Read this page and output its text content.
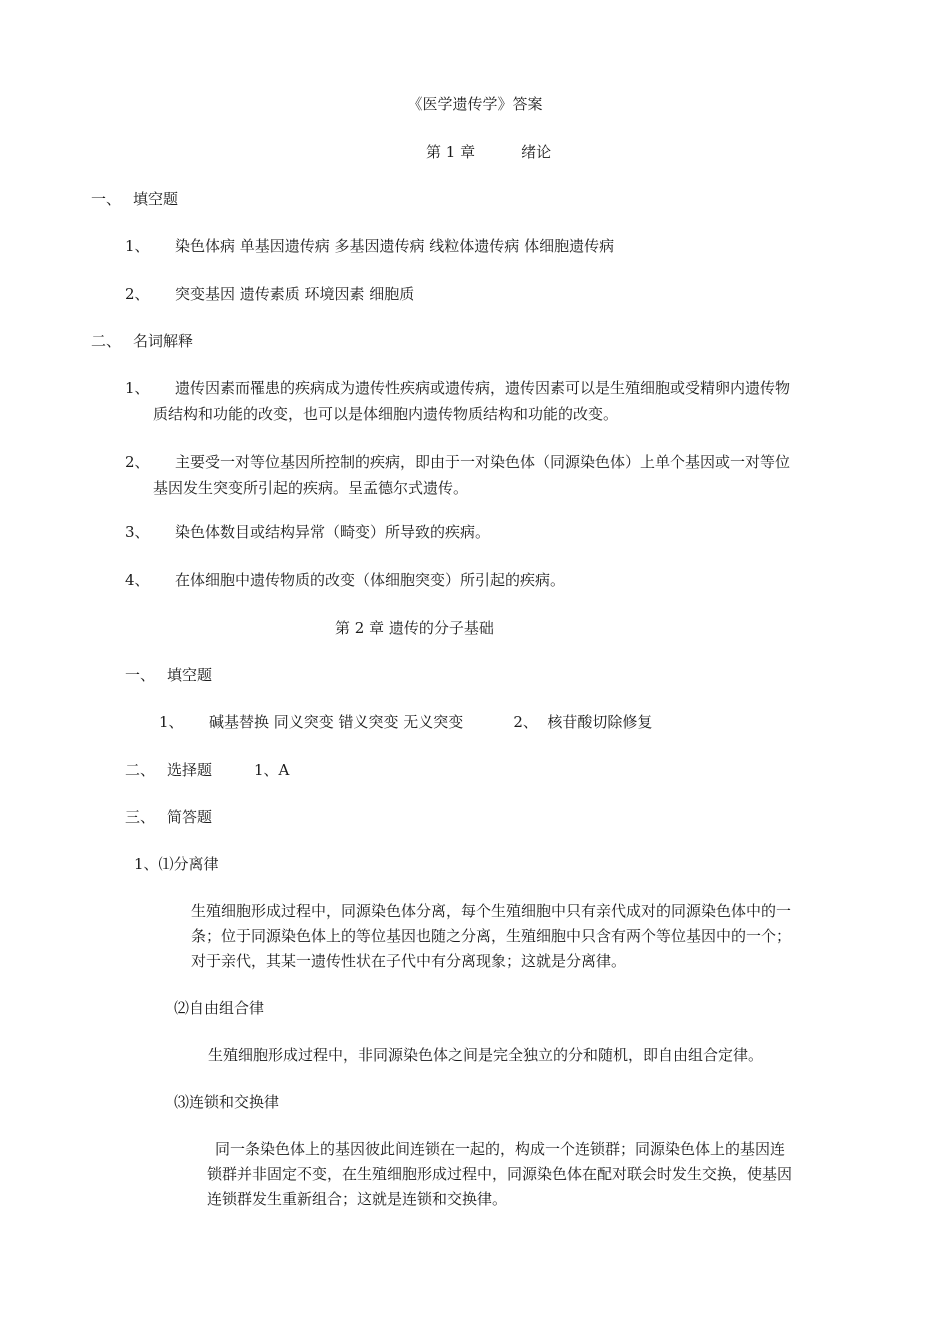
《医学遗传学》答案
第 1 章	绪论
一、 填空题
1、 染色体病 单基因遗传病 多基因遗传病 线粒体遗传病 体细胞遗传病
2、 突变基因 遗传素质 环境因素 细胞质
二、 名词解释
1、 遗传因素而罹患的疾病成为遗传性疾病或遗传病，遗传因素可以是生殖细胞或受精卵内遗传物
质结构和功能的改变，也可以是体细胞内遗传物质结构和功能的改变。
2、 主要受一对等位基因所控制的疾病，即由于一对染色体（同源染色体）上单个基因或一对等位
基因发生突变所引起的疾病。呈孟德尔式遗传。
3、 染色体数目或结构异常（畸变）所导致的疾病。
4、 在体细胞中遗传物质的改变（体细胞突变）所引起的疾病。
第 2 章 遗传的分子基础
一、 填空题
1、 碱基替换 同义突变 错义突变 无义突变	2、 核苷酸切除修复
二、 选择题	1、A
三、 简答题
1、⑴分离律
生殖细胞形成过程中，同源染色体分离，每个生殖细胞中只有亲代成对的同源染色体中的一
条；位于同源染色体上的等位基因也随之分离，生殖细胞中只含有两个等位基因中的一个；
对于亲代，其某一遗传性状在子代中有分离现象；这就是分离律。
⑵自由组合律
生殖细胞形成过程中，非同源染色体之间是完全独立的分和随机，即自由组合定律。
⑶连锁和交换律
同一条染色体上的基因彼此间连锁在一起的，构成一个连锁群；同源染色体上的基因连
锁群并非固定不变，在生殖细胞形成过程中，同源染色体在配对联会时发生交换，使基因
连锁群发生重新组合；这就是连锁和交换律。
